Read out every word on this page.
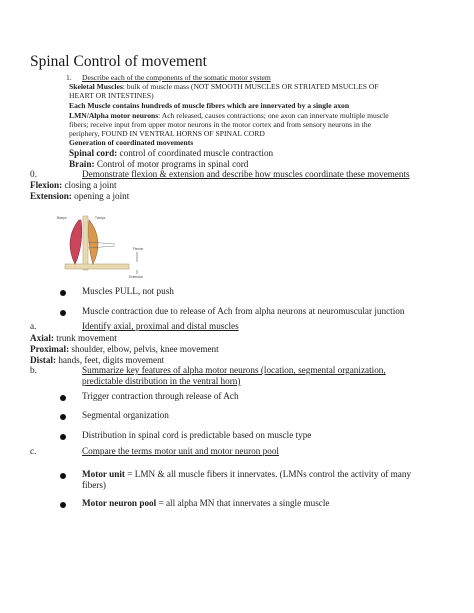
Spinal Control of movement
1. Describe each of the components of the somatic motor system
Skeletal Muscles: bulk of muscle mass (NOT SMOOTH MUSCLES OR STRIATED MSUCLES OF
HEART OR INTESTINES)
Each Muscle contains hundreds of muscle fibers which are innervated by a single axon
LMN/Alpha motor neurons: Ach released, causes contractions; one axon can innervate multiple muscle
fibers; receive input from upper motor neurons in the motor cortex and from sensory neurons in the
periphery, FOUND IN VENTRAL HORNS OF SPINAL CORD
Generation of coordinated movements
Spinal cord: control of coordinated muscle contraction
Brain: Control of motor programs in spinal cord
0.	Demonstrate flexion & extension and describe how muscles coordinate these movements
Flexion: closing a joint
Extension: opening a joint
Biceps	Triceps
Flexion
Extension
Muscles PULL, not push
Muscle contraction due to release of Ach from alpha neurons at neuromuscular junction
a.	Identify axial, proximal and distal muscles
Axial: trunk movement
Proximal: shoulder, elbow, pelvis, knee movement
Distal: hands, feet, digits movement
b.	Summarize key features of alpha motor neurons (location, segmental organization,
predictable distribution in the ventral horn)
Trigger contraction through release of Ach
Segmental organization
Distribution in spinal cord is predictable based on muscle type
c.	Compare the terms motor unit and motor neuron pool
Motor unit = LMN & all muscle fibers it innervates. (LMNs control the activity of many
fibers)
Motor neuron pool = all alpha MN that innervates a single muscle
